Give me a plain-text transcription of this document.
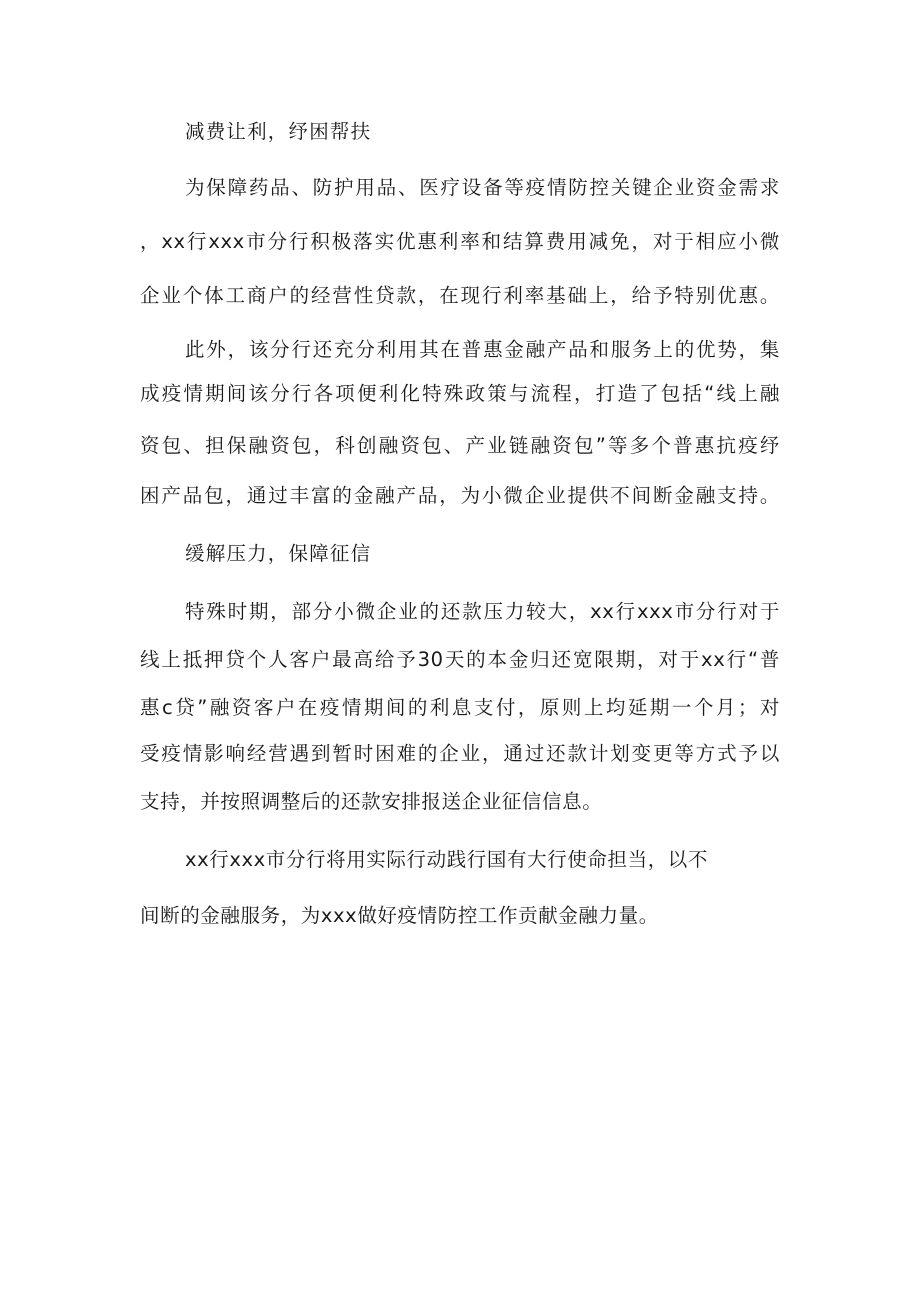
减费让利，纾困帮扶
为保障药品、防护用品、医疗设备等疫情防控关键企业资金需求
，xx行xxx市分行积极落实优惠利率和结算费用减免，对于相应小微
企业个体工商户的经营性贷款，在现行利率基础上，给予特别优惠。
此外，该分行还充分利用其在普惠金融产品和服务上的优势，集
成疫情期间该分行各项便利化特殊政策与流程，打造了包括“线上融
资包、担保融资包，科创融资包、产业链融资包”等多个普惠抗疫纾
困产品包，通过丰富的金融产品，为小微企业提供不间断金融支持。
缓解压力，保障征信
特殊时期，部分小微企业的还款压力较大，xx行xxx市分行对于
线上抵押贷个人客户最高给予30天的本金归还宽限期，对于xx行“普
惠c贷”融资客户在疫情期间的利息支付，原则上均延期一个月；对
受疫情影响经营遇到暂时困难的企业，通过还款计划变更等方式予以
支持，并按照调整后的还款安排报送企业征信信息。
xx行xxx市分行将用实际行动践行国有大行使命担当，以不
间断的金融服务，为xxx做好疫情防控工作贡献金融力量。
